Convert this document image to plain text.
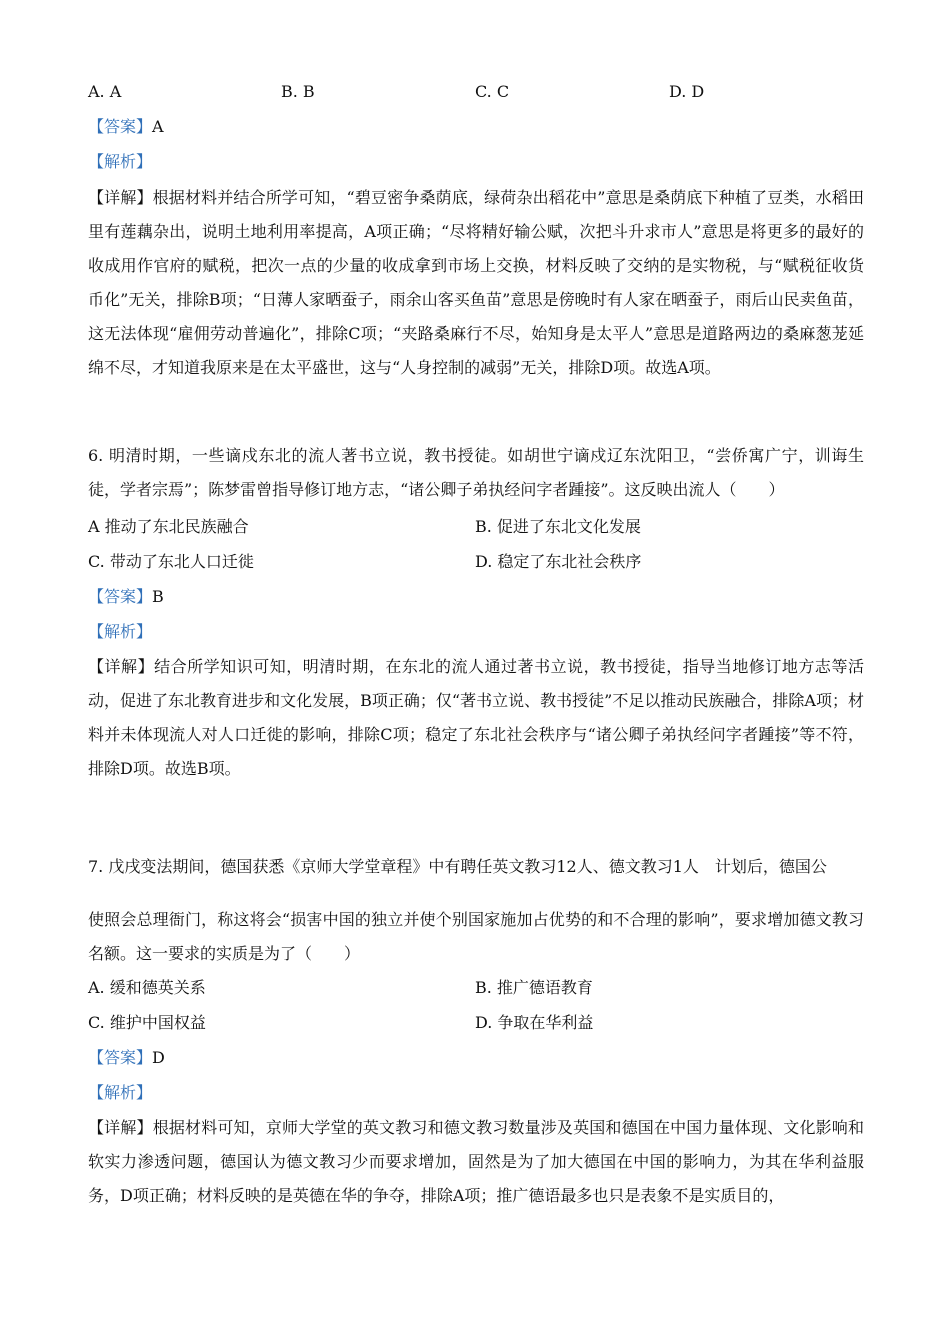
A. A	B. B	C. C	D. D
【答案】A
【解析】
【详解】根据材料并结合所学可知，“碧豆密争桑荫底，绿荷杂出稻花中”意思是桑荫底下种植了豆类，水稻田里有莲藕杂出，说明土地利用率提高，A项正确；“尽将精好输公赋，次把斗升求市人”意思是将更多的最好的收成用作官府的赋税，把次一点的少量的收成拿到市场上交换，材料反映了交纳的是实物税，与“赋税征收货币化”无关，排除B项；“日薄人家晒蚕子，雨余山客买鱼苗”意思是傍晚时有人家在晒蚕子，雨后山民卖鱼苗，这无法体现“雇佣劳动普遍化”，排除C项；“夹路桑麻行不尽，始知身是太平人”意思是道路两边的桑麻葱茏延绵不尽，才知道我原来是在太平盛世，这与“人身控制的减弱”无关，排除D项。故选A项。
6. 明清时期，一些谪戍东北的流人著书立说，教书授徒。如胡世宁谪戍辽东沈阳卫，“尝侨寓广宁，训诲生徒，学者宗焉”；陈梦雷曾指导修订地方志，“诸公卿子弟执经问字者踵接”。这反映出流人（　　）
A 推动了东北民族融合	B. 促进了东北文化发展
C. 带动了东北人口迁徙	D. 稳定了东北社会秩序
【答案】B
【解析】
【详解】结合所学知识可知，明清时期，在东北的流人通过著书立说，教书授徒，指导当地修订地方志等活动，促进了东北教育进步和文化发展，B项正确；仅“著书立说、教书授徒”不足以推动民族融合，排除A项；材料并未体现流人对人口迁徙的影响，排除C项；稳定了东北社会秩序与“诸公卿子弟执经问字者踵接”等不符，排除D项。故选B项。
7. 戊戌变法期间，德国获悉《京师大学堂章程》中有聘任英文教习12人、德文教习1人　计划后，德国公
使照会总理衙门，称这将会“损害中国的独立并使个别国家施加占优势的和不合理的影响”，要求增加德文教习名额。这一要求的实质是为了（　　）
A. 缓和德英关系	B. 推广德语教育
C. 维护中国权益	D. 争取在华利益
【答案】D
【解析】
【详解】根据材料可知，京师大学堂的英文教习和德文教习数量涉及英国和德国在中国力量体现、文化影响和软实力渗透问题，德国认为德文教习少而要求增加，固然是为了加大德国在中国的影响力，为其在华利益服务，D项正确；材料反映的是英德在华的争夺，排除A项；推广德语最多也只是表象不是实质目的，
